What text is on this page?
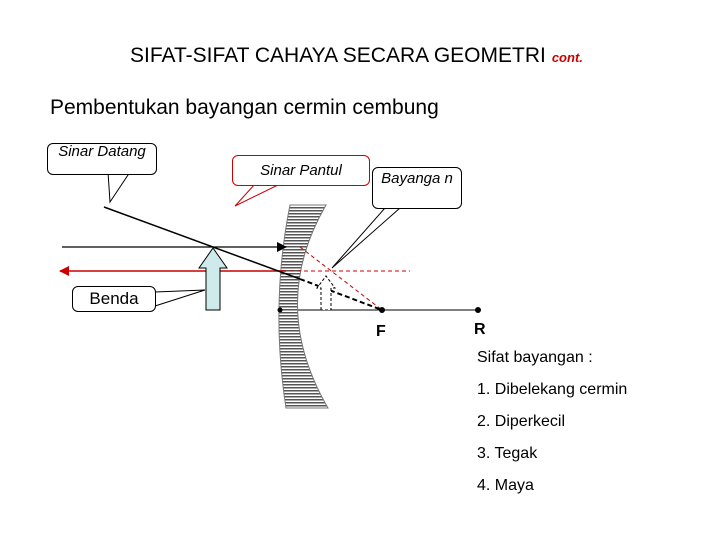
SIFAT-SIFAT CAHAYA SECARA GEOMETRI cont.
Pembentukan bayangan cermin cembung
Sinar Datang
Sinar Pantul	Bayanga n
Benda
F	R
Sifat bayangan :
1. Dibelekang cermin
2. Diperkecil
3. Tegak
4. Maya
